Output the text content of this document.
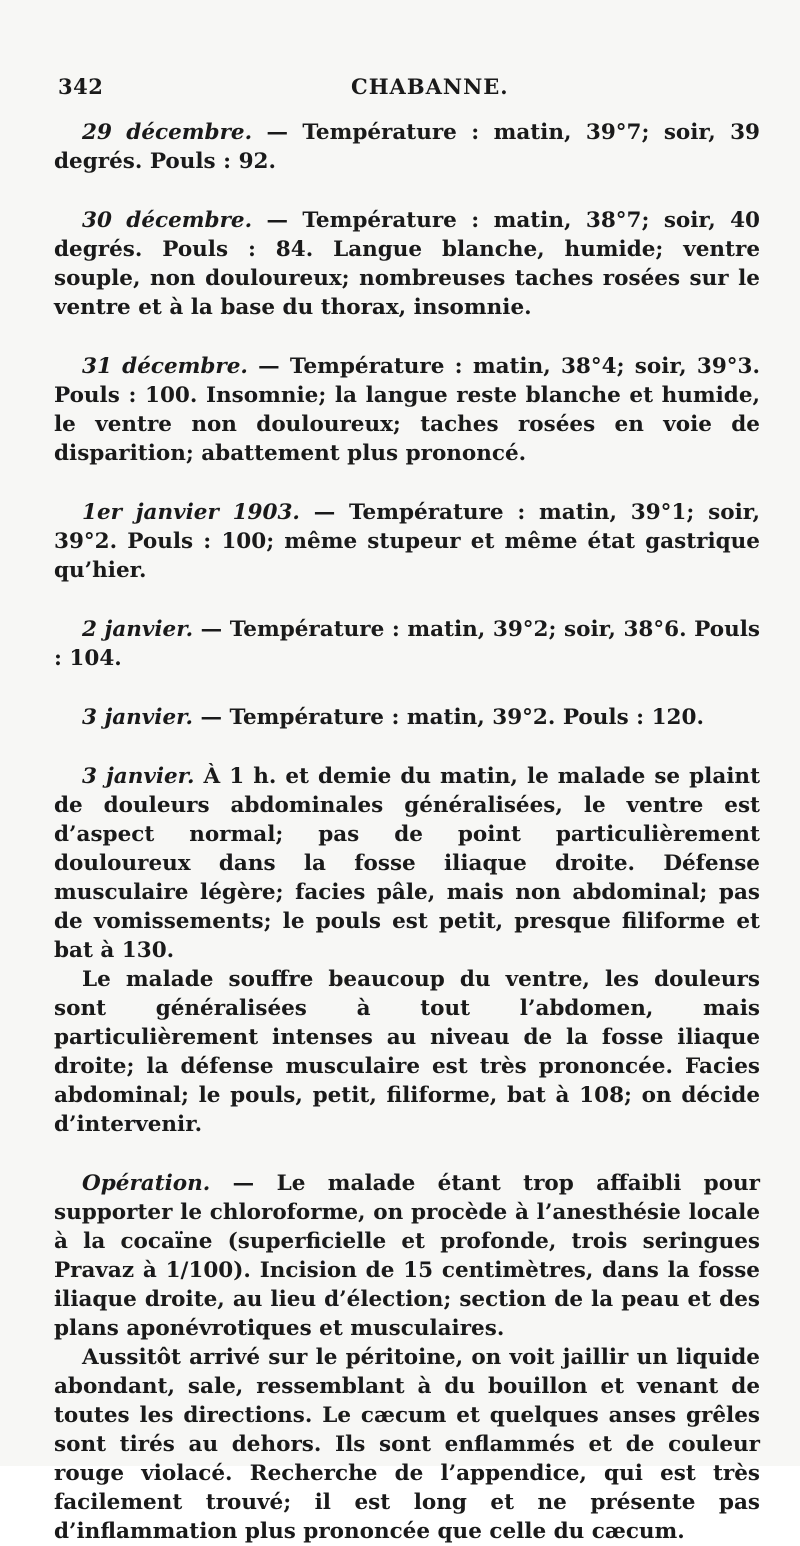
342	CHABANNE.

29 décembre. — Température : matin, 39°7; soir, 39 degrés. Pouls : 92.

30 décembre. — Température : matin, 38°7; soir, 40 degrés. Pouls : 84. Langue blanche, humide; ventre souple, non douloureux; nombreuses taches rosées sur le ventre et à la base du thorax, insomnie.

31 décembre. — Température : matin, 38°4; soir, 39°3. Pouls : 100. Insomnie; la langue reste blanche et humide, le ventre non douloureux; taches rosées en voie de disparition; abattement plus prononcé.

1er janvier 1903. — Température : matin, 39°1; soir, 39°2. Pouls : 100; même stupeur et même état gastrique qu’hier.

2 janvier. — Température : matin, 39°2; soir, 38°6. Pouls : 104.

3 janvier. — Température : matin, 39°2. Pouls : 120.

3 janvier. À 1 h. et demie du matin, le malade se plaint de douleurs abdominales généralisées, le ventre est d’aspect normal; pas de point particulièrement douloureux dans la fosse iliaque droite. Défense musculaire légère; facies pâle, mais non abdominal; pas de vomissements; le pouls est petit, presque filiforme et bat à 130.

Le malade souffre beaucoup du ventre, les douleurs sont généralisées à tout l’abdomen, mais particulièrement intenses au niveau de la fosse iliaque droite; la défense musculaire est très prononcée. Facies abdominal; le pouls, petit, filiforme, bat à 108; on décide d’intervenir.

Opération. — Le malade étant trop affaibli pour supporter le chloroforme, on procède à l’anesthésie locale à la cocaïne (superficielle et profonde, trois seringues Pravaz à 1/100). Incision de 15 centimètres, dans la fosse iliaque droite, au lieu d’élection; section de la peau et des plans aponévrotiques et musculaires.

Aussitôt arrivé sur le péritoine, on voit jaillir un liquide abondant, sale, ressemblant à du bouillon et venant de toutes les directions. Le cæcum et quelques anses grêles sont tirés au dehors. Ils sont enflammés et de couleur rouge violacé. Recherche de l’appendice, qui est très facilement trouvé; il est long et ne présente pas d’inflammation plus prononcée que celle du cæcum.
